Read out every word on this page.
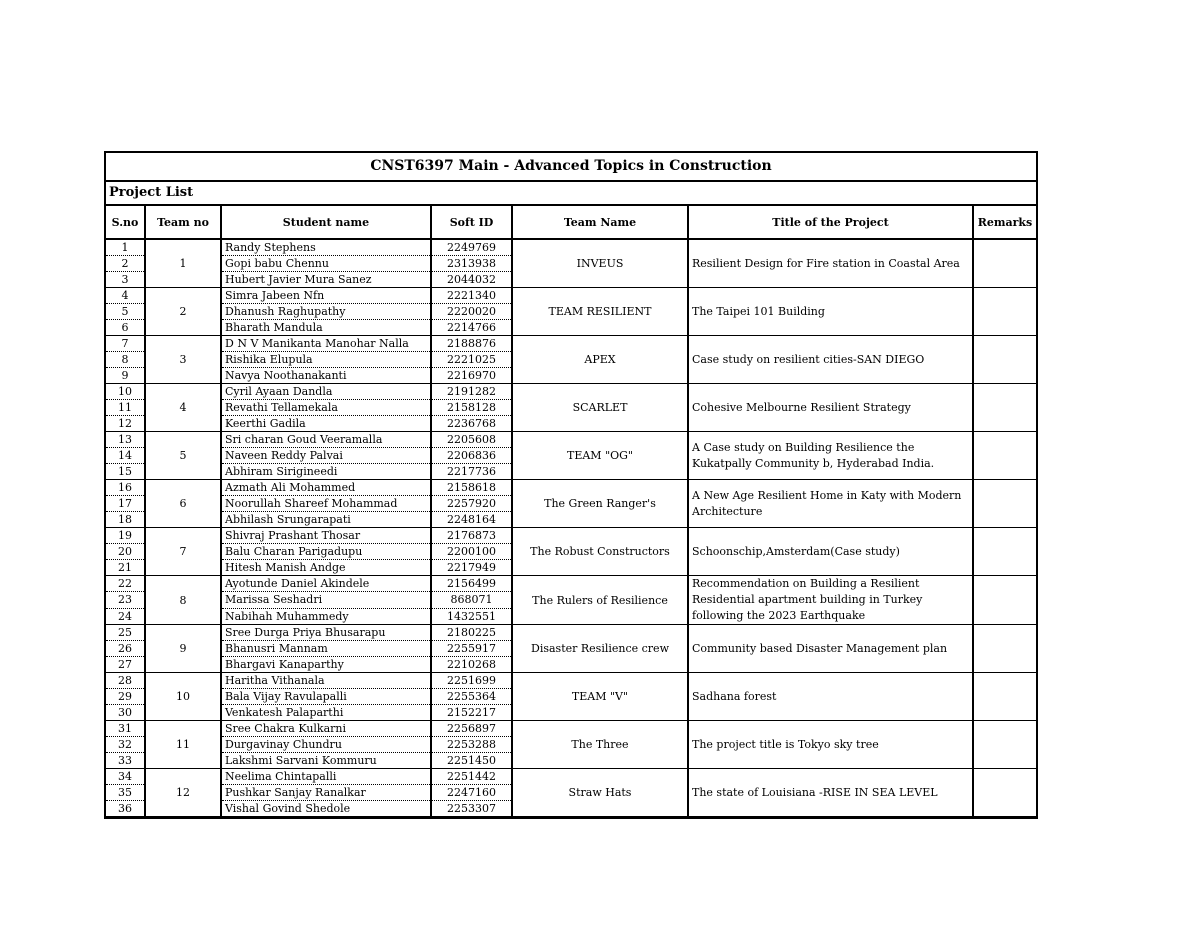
CNST6397 Main - Advanced Topics in Construction
Project List
S.no	Team no	Student name	Soft ID	Team Name	Title of the Project	Remarks
1	1	Randy Stephens	2249769	INVEUS	Resilient Design for Fire station in Coastal Area	
2		Gopi babu Chennu	2313938			
3		Hubert Javier Mura Sanez	2044032			
4	2	Simra Jabeen Nfn	2221340	TEAM RESILIENT	The Taipei 101 Building	
5		Dhanush Raghupathy	2220020			
6		Bharath Mandula	2214766			
7	3	D N V Manikanta Manohar Nalla	2188876	APEX	Case study on resilient cities-SAN DIEGO	
8		Rishika Elupula	2221025			
9		Navya Noothanakanti	2216970			
10	4	Cyril Ayaan Dandla	2191282	SCARLET	Cohesive Melbourne Resilient Strategy	
11		Revathi Tellamekala	2158128			
12		Keerthi Gadila	2236768			
13	5	Sri charan Goud Veeramalla	2205608	TEAM "OG"	A Case study on Building Resilience the Kukatpally Community b, Hyderabad India.	
14		Naveen Reddy Palvai	2206836			
15		Abhiram Sirigineedi	2217736			
16	6	Azmath Ali Mohammed	2158618	The Green Ranger's	A New Age Resilient Home in Katy with Modern Architecture	
17		Noorullah Shareef Mohammad	2257920			
18		Abhilash Srungarapati	2248164			
19	7	Shivraj Prashant Thosar	2176873	The Robust Constructors	Schoonschip,Amsterdam(Case study)	
20		Balu Charan Parigadupu	2200100			
21		Hitesh Manish Andge	2217949			
22	8	Ayotunde Daniel Akindele	2156499	The Rulers of Resilience	Recommendation on Building a Resilient Residential apartment building in Turkey following the 2023 Earthquake	
23		Marissa Seshadri	868071			
24		Nabihah Muhammedy	1432551			
25	9	Sree Durga Priya Bhusarapu	2180225	Disaster Resilience crew	Community based Disaster Management plan	
26		Bhanusri Mannam	2255917			
27		Bhargavi Kanaparthy	2210268			
28	10	Haritha Vithanala	2251699	TEAM "V"	Sadhana forest	
29		Bala Vijay Ravulapalli	2255364			
30		Venkatesh Palaparthi	2152217			
31	11	Sree Chakra Kulkarni	2256897	The Three	The project title is Tokyo sky tree	
32		Durgavinay Chundru	2253288			
33		Lakshmi Sarvani Kommuru	2251450			
34	12	Neelima Chintapalli	2251442	Straw Hats	The state of Louisiana -RISE IN SEA LEVEL	
35		Pushkar Sanjay Ranalkar	2247160			
36		Vishal Govind Shedole	2253307			
